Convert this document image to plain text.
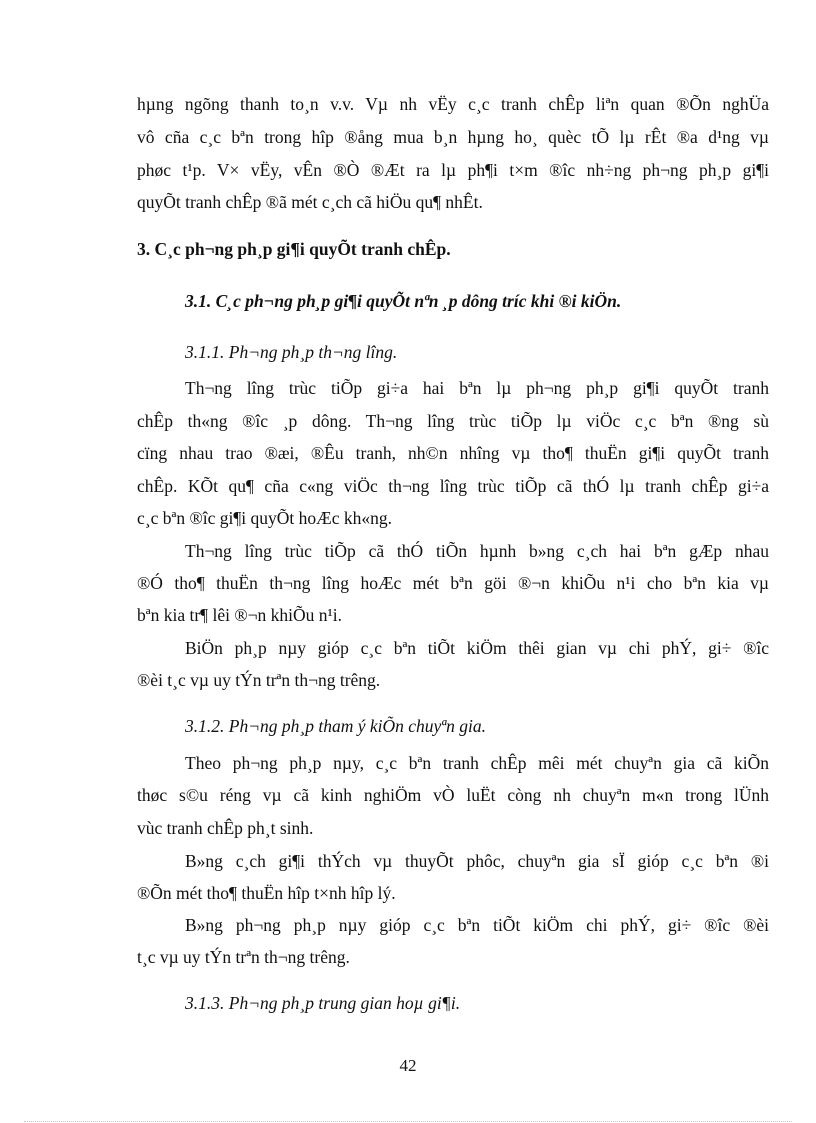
hµng ngõng thanh to¸n v.v. Vµ nh vËy c¸c tranh chÊp liªn quan ®Õn nghÜa
vô cña c¸c bªn trong hîp ®ång mua b¸n hµng ho¸ quèc tÕ lµ rÊt ®a d¹ng vµ
phøc t¹p. V× vËy, vÊn ®Ò ®Æt ra lµ ph¶i t×m ®îc nh÷ng ph¬ng ph¸p gi¶i
quyÕt tranh chÊp ®ã mét c¸ch cã hiÖu qu¶ nhÊt.
3. C¸c ph¬ng ph¸p gi¶i quyÕt tranh chÊp.
3.1. C¸c ph¬ng ph¸p gi¶i quyÕt nªn ¸p dông tríc khi ®i kiÖn.
3.1.1. Ph¬ng ph¸p th¬ng lîng.
Th¬ng lîng trùc tiÕp gi÷a hai bªn lµ ph¬ng ph¸p gi¶i quyÕt tranh
chÊp th«ng ®îc ¸p dông. Th¬ng lîng trùc tiÕp lµ viÖc c¸c bªn ®ng sù
cïng nhau trao ®æi, ®Êu tranh, nh©n nhîng vµ tho¶ thuËn gi¶i quyÕt tranh
chÊp. KÕt qu¶ cña c«ng viÖc th¬ng lîng trùc tiÕp cã thÓ lµ tranh chÊp gi÷a
c¸c bªn ®îc gi¶i quyÕt hoÆc kh«ng.
Th¬ng lîng trùc tiÕp cã thÓ tiÕn hµnh b»ng c¸ch hai bªn gÆp nhau
®Ó tho¶ thuËn th¬ng lîng hoÆc mét bªn göi ®¬n khiÕu n¹i cho bªn kia vµ
bªn kia tr¶ lêi ®¬n khiÕu n¹i.
BiÖn ph¸p nµy gióp c¸c bªn tiÕt kiÖm thêi gian vµ chi phÝ, gi÷ ®îc
®èi t¸c vµ uy tÝn trªn th¬ng trêng.
3.1.2. Ph¬ng ph¸p tham ý kiÕn chuyªn gia.
Theo ph¬ng ph¸p nµy, c¸c bªn tranh chÊp mêi mét chuyªn gia cã kiÕn
thøc s©u réng vµ cã kinh nghiÖm vÒ luËt còng nh chuyªn m«n trong lÜnh
vùc tranh chÊp ph¸t sinh.
B»ng c¸ch gi¶i thÝch vµ thuyÕt phôc, chuyªn gia sÏ gióp c¸c bªn ®i
®Õn mét tho¶ thuËn hîp t×nh hîp lý.
B»ng ph¬ng ph¸p nµy gióp c¸c bªn tiÕt kiÖm chi phÝ, gi÷ ®îc ®èi
t¸c vµ uy tÝn trªn th¬ng trêng.
3.1.3. Ph¬ng ph¸p trung gian hoµ gi¶i.
42
